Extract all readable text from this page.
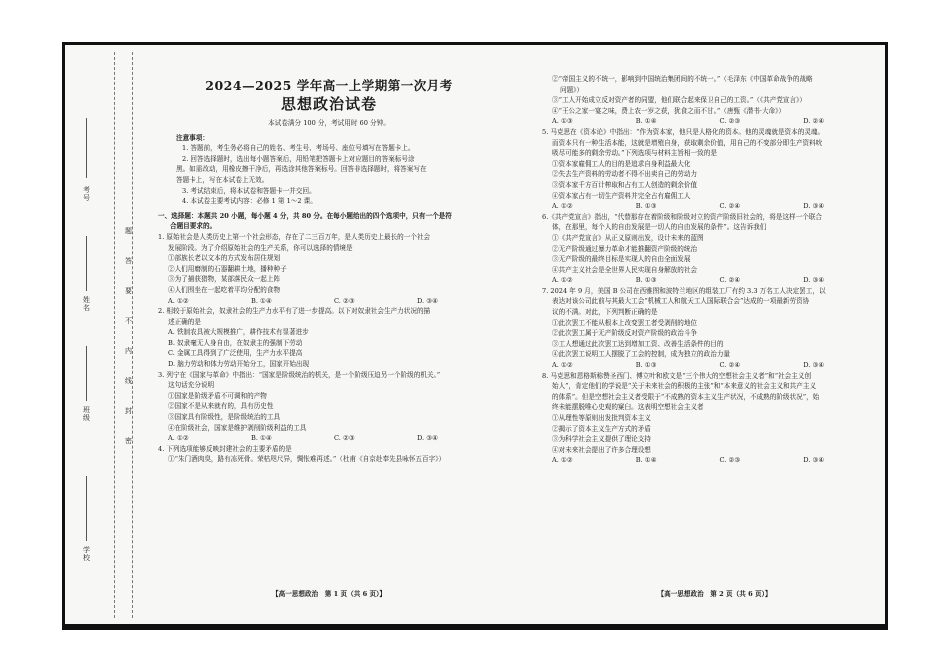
考号
姓名
班级
学校
题
答
要
不
内
线
封
密
2024—2025 学年高一上学期第一次月考
思想政治试卷
本试卷满分 100 分，考试用时 60 分钟。
注意事项：
1. 答题前，考生务必将自己的姓名、考生号、考场号、座位号填写在答题卡上。
2. 回答选择题时，选出每小题答案后，用铅笔把答题卡上对应题目的答案标号涂
黑。如需改动，用橡皮擦干净后，再选涂其他答案标号。回答非选择题时，将答案写在
答题卡上，写在本试卷上无效。
3. 考试结束后，将本试卷和答题卡一并交回。
4. 本试卷主要考试内容：必修 1 第 1～2 课。
一、选择题：本题共 20 小题，每小题 4 分，共 80 分。在每小题给出的四个选项中，只有一个是符
合题目要求的。
1. 原始社会是人类历史上第一个社会形态，存在了二三百万年，是人类历史上最长的一个社会
发展阶段。为了介绍原始社会的生产关系，你可以选择的情境是
①部族长老以文本的方式发布居住规划
②人们用磨制的石器翻耕土地，播种种子
③为了捕获猎物，某部落民众一起上阵
④人们围坐在一起吃着平均分配的食物
A. ①②	B. ①④	C. ②③	D. ③④
2. 相较于原始社会，奴隶社会的生产力水平有了进一步提高。以下对奴隶社会生产力状况的描
述正确的是
A. 铁制农具被大规模推广，耕作技术有显著进步
B. 奴隶毫无人身自由，在奴隶主的强制下劳动
C. 金属工具得到了广泛使用，生产力水平提高
D. 脑力劳动和体力劳动开始分工，国家开始出现
3. 列宁在《国家与革命》中指出：“国家是阶级统治的机关，是一个阶级压迫另一个阶级的机关。”
这句话充分说明
①国家是阶级矛盾不可调和的产物
②国家不是从来就有的，具有历史性
③国家具有阶级性，是阶级统治的工具
④在阶级社会，国家是维护剥削阶级利益的工具
A. ①②	B. ①④	C. ②③	D. ③④
4. 下列选项能够反映封建社会的主要矛盾的是
①“朱门酒肉臭，路有冻死骨。荣枯咫尺异，惆怅难再述。”（杜甫《自京赴奉先县咏怀五百字》）
【高一思想政治　第 1 页（共 6 页）】
②“帝国主义的不统一，影响到中国统治集团间的不统一。”（毛泽东《中国革命战争的战略
问题》）
③“工人开始成立反对资产者的同盟，他们联合起来保卫自己的工资。”（《共产党宣言》）
④“王公之家一宴之味，费上农一岁之获，犹食之而不甘。”（唐甄《潜书·大命》）
A. ①③	B. ①④	C. ②③	D. ②④
5. 马克思在《资本论》中指出：“作为资本家，他只是人格化的资本。他的灵魂就是资本的灵魂。
而资本只有一种生活本能，这就是增殖自身，获取剩余价值，用自己的不变部分即生产资料吮
吸尽可能多的剩余劳动。”下列选项与材料主旨相一致的是
①资本家雇佣工人的目的是追求自身利益最大化
②失去生产资料的劳动者不得不出卖自己的劳动力
③资本家千方百计榨取和占有工人创造的剩余价值
④资本家占有一切生产资料并完全占有雇佣工人
A. ①②	B. ①③	C. ②④	D. ③④
6.《共产党宣言》指出，“代替那存在着阶级和阶级对立的资产阶级旧社会的，将是这样一个联合
体，在那里，每个人的自由发展是一切人的自由发展的条件”。这告诉我们
①《共产党宣言》从正义原则出发，设计未来的蓝图
②无产阶级通过暴力革命才能推翻资产阶级的统治
③无产阶级的最终目标是实现人的自由全面发展
④共产主义社会是全世界人民实现自身解放的社会
A. ①②	B. ①③	C. ②④	D. ③④
7. 2024 年 9 月，美国 B 公司在西雅图和波特兰地区的组装工厂有约 3.3 万名工人决定罢工，以
表达对该公司此前与其最大工会“机械工人和航天工人国际联合会”达成的一项最新劳资协
议的不满。对此，下列判断正确的是
①此次罢工不能从根本上改变罢工者受剥削的地位
②此次罢工属于无产阶级反对资产阶级的政治斗争
③工人想通过此次罢工达到增加工资、改善生活条件的目的
④此次罢工说明工人摆脱了工会的控制，成为独立的政治力量
A. ①②	B. ①③	C. ②④	D. ③④
8. 马克思和恩格斯称赞圣西门、傅立叶和欧文是“三个伟大的空想社会主义者”和“社会主义创
始人”，肯定他们的学说是“关于未来社会的积极的主张”和“本来意义的社会主义和共产主义
的体系”。但是空想社会主义者受限于“不成熟的资本主义生产状况，不成熟的阶级状况”，始
终未能摆脱唯心史观的窠臼。这表明空想社会主义者
①从理性等原则出发批判资本主义
②揭示了资本主义生产方式的矛盾
③为科学社会主义提供了理论支持
④对未来社会提出了许多合理设想
A. ①②	B. ①④	C. ②③	D. ③④
【高一思想政治　第 2 页（共 6 页）】
